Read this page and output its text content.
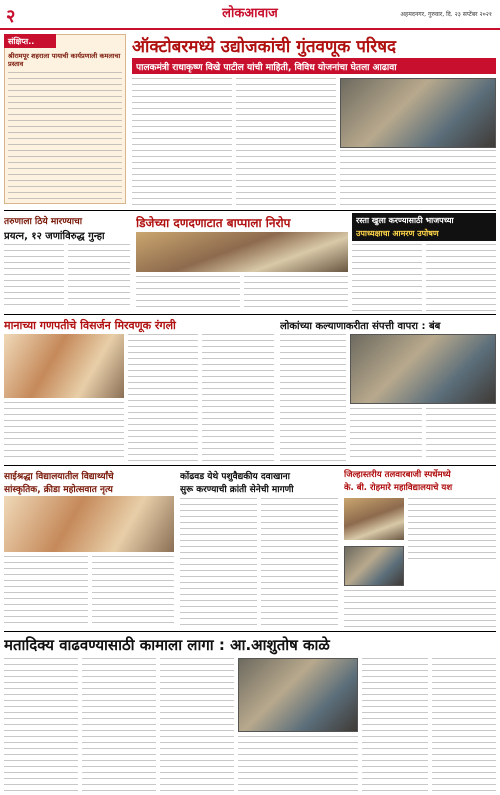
२	लोकआवाज	अहमदनगर, गुरुवार, दि. २३ सप्टेंबर २०२१
संक्षिप्त..
श्रीरामपूर शहराला पायाची कार्यप्रणाली कमलाचा प्रस्ताव
ऑक्टोबरमध्ये उद्योजकांची गुंतवणूक परिषद
पालकमंत्री राधाकृष्ण विखे पाटील यांची माहिती, विविध योजनांचा घेतला आढावा
तरुणाला ठिये मारण्याचा
प्रयत्न, १२ जणांविरुद्ध गुन्हा
डिजेच्या दणदणाटात बाप्पाला निरोप	रस्ता खुला करण्यासाठी भाजपच्या
उपाध्यक्षाचा आमरण उपोषण
मानाच्या गणपतीचे विसर्जन मिरवणूक रंगली	लोकांच्या कल्याणाकरीता संपत्ती वापरा : बंब
साईश्रद्धा विद्यालयातील विद्यार्थ्यांचे
सांस्कृतिक, क्रीडा महोत्सवात नृत्य
कोंढवड येथे पशुवैद्यकीय दवाखाना
सुरू करण्याची क्रांती सेनेची मागणी
जिल्हास्तरीय तलवारबाजी स्पर्धेमध्ये
के. बी. रोहमारे महाविद्यालयाचे यश
मतादिक्य वाढवण्यासाठी कामाला लागा : आ.आशुतोष काळे
